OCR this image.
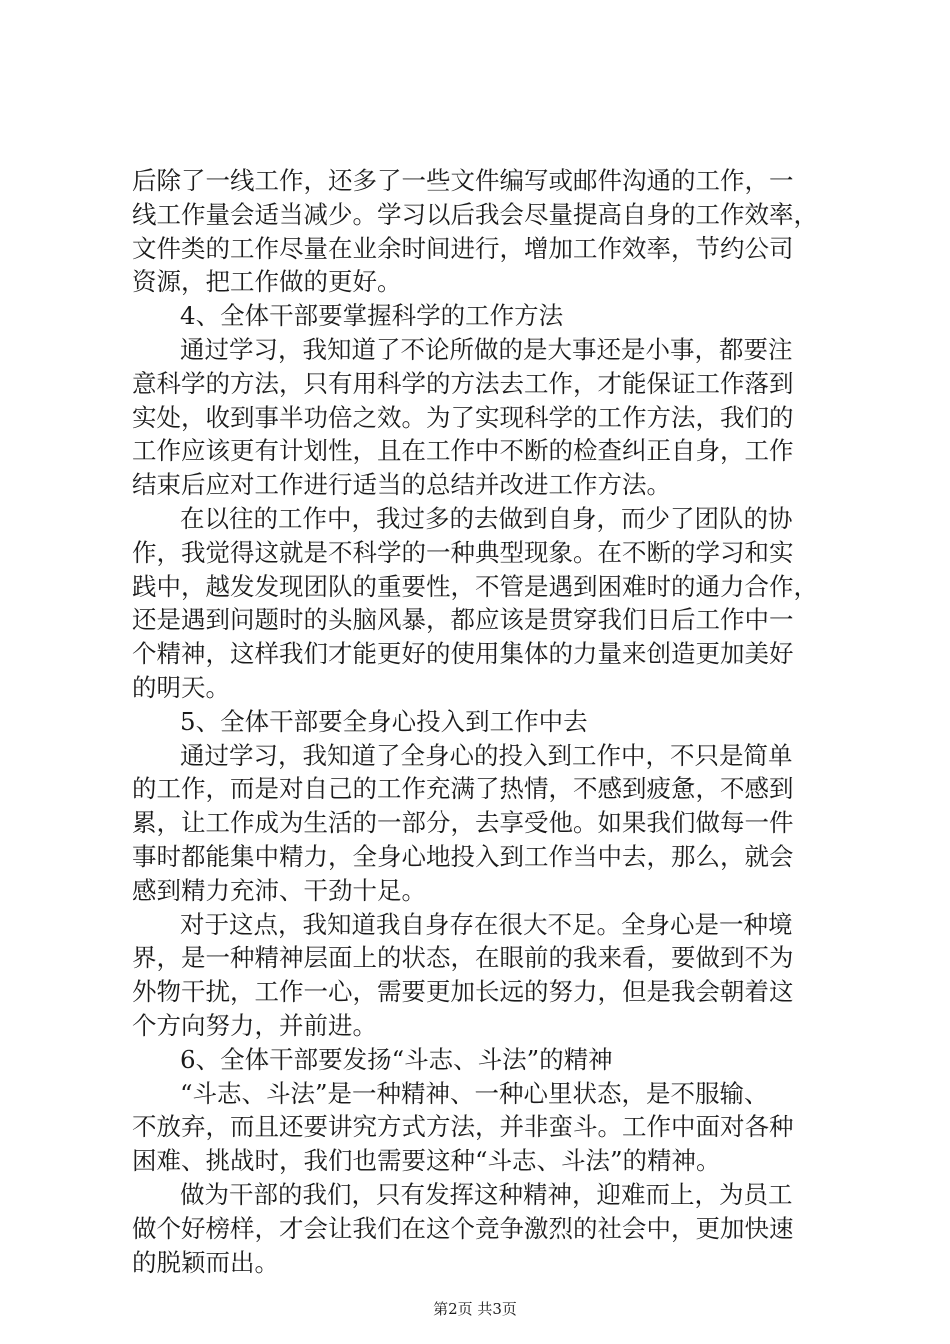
后除了一线工作，还多了一些文件编写或邮件沟通的工作，一
线工作量会适当减少。学习以后我会尽量提高自身的工作效率，
文件类的工作尽量在业余时间进行，增加工作效率，节约公司
资源，把工作做的更好。
4、全体干部要掌握科学的工作方法
通过学习，我知道了不论所做的是大事还是小事，都要注
意科学的方法，只有用科学的方法去工作，才能保证工作落到
实处，收到事半功倍之效。为了实现科学的工作方法，我们的
工作应该更有计划性，且在工作中不断的检查纠正自身，工作
结束后应对工作进行适当的总结并改进工作方法。
在以往的工作中，我过多的去做到自身，而少了团队的协
作，我觉得这就是不科学的一种典型现象。在不断的学习和实
践中，越发发现团队的重要性，不管是遇到困难时的通力合作，
还是遇到问题时的头脑风暴，都应该是贯穿我们日后工作中一
个精神，这样我们才能更好的使用集体的力量来创造更加美好
的明天。
5、全体干部要全身心投入到工作中去
通过学习，我知道了全身心的投入到工作中，不只是简单
的工作，而是对自己的工作充满了热情，不感到疲惫，不感到
累，让工作成为生活的一部分，去享受他。如果我们做每一件
事时都能集中精力，全身心地投入到工作当中去，那么，就会
感到精力充沛、干劲十足。
对于这点，我知道我自身存在很大不足。全身心是一种境
界，是一种精神层面上的状态，在眼前的我来看，要做到不为
外物干扰，工作一心，需要更加长远的努力，但是我会朝着这
个方向努力，并前进。
6、全体干部要发扬“斗志、斗法”的精神
“斗志、斗法”是一种精神、一种心里状态，是不服输、
不放弃，而且还要讲究方式方法，并非蛮斗。工作中面对各种
困难、挑战时，我们也需要这种“斗志、斗法”的精神。
做为干部的我们，只有发挥这种精神，迎难而上，为员工
做个好榜样，才会让我们在这个竞争激烈的社会中，更加快速
的脱颖而出。
第2页 共3页
